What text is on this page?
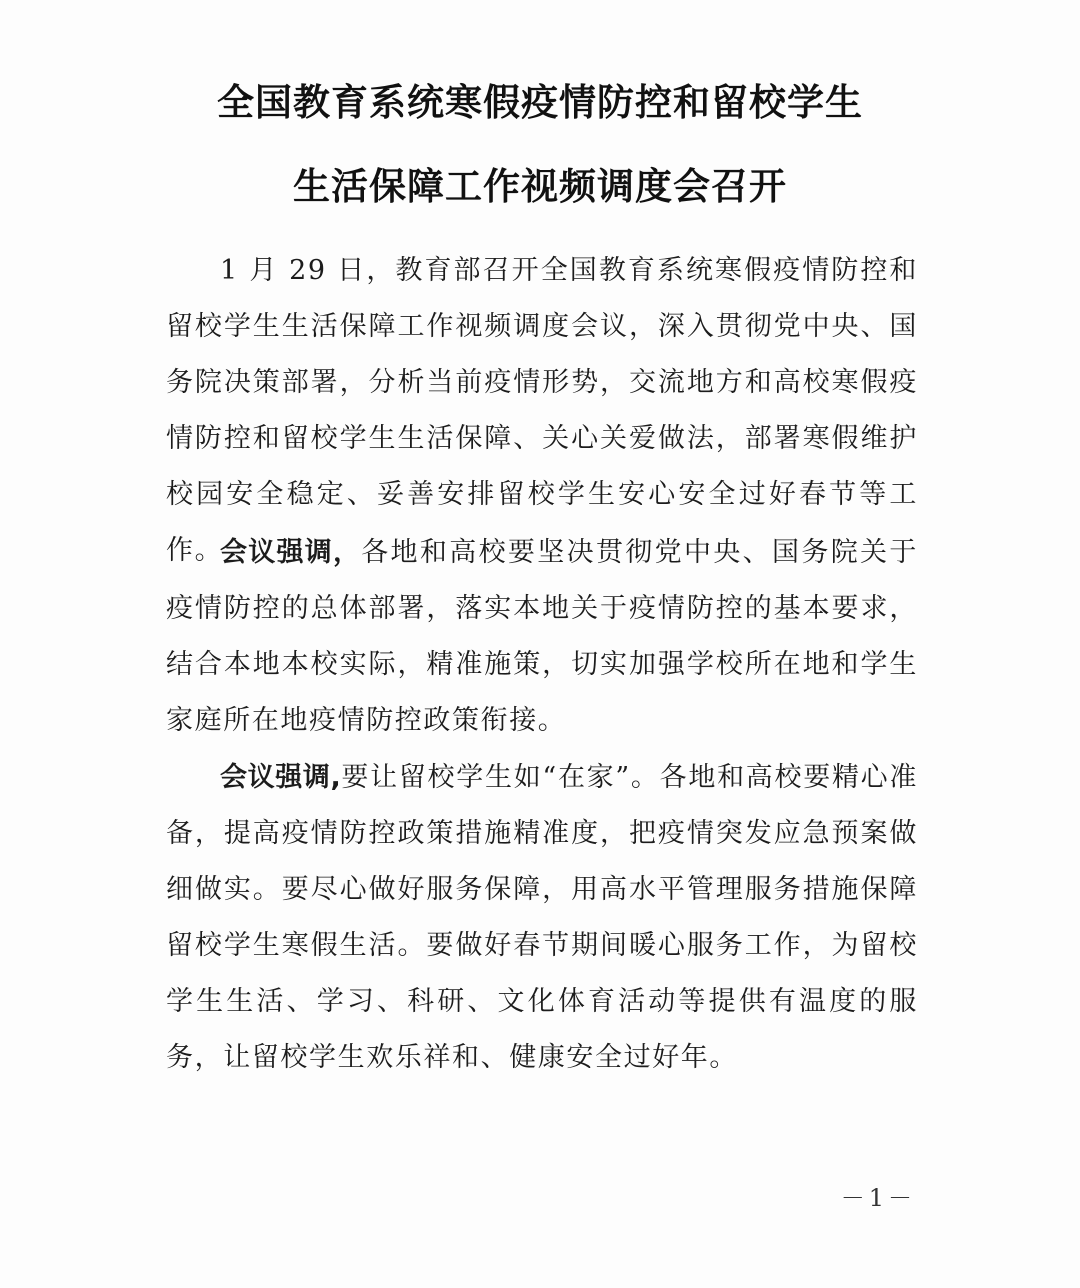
全国教育系统寒假疫情防控和留校学生
生活保障工作视频调度会召开

1 月 29 日，教育部召开全国教育系统寒假疫情防控和留校学生生活保障工作视频调度会议，深入贯彻党中央、国务院决策部署，分析当前疫情形势，交流地方和高校寒假疫情防控和留校学生生活保障、关心关爱做法，部署寒假维护校园安全稳定、妥善安排留校学生安心安全过好春节等工作。

会议强调，各地和高校要坚决贯彻党中央、国务院关于疫情防控的总体部署，落实本地关于疫情防控的基本要求，结合本地本校实际，精准施策，切实加强学校所在地和学生家庭所在地疫情防控政策衔接。

会议强调,要让留校学生如“在家”。各地和高校要精心准备，提高疫情防控政策措施精准度，把疫情突发应急预案做细做实。要尽心做好服务保障，用高水平管理服务措施保障留校学生寒假生活。要做好春节期间暖心服务工作，为留校学生生活、学习、科研、文化体育活动等提供有温度的服务，让留校学生欢乐祥和、健康安全过好年。

－1－
